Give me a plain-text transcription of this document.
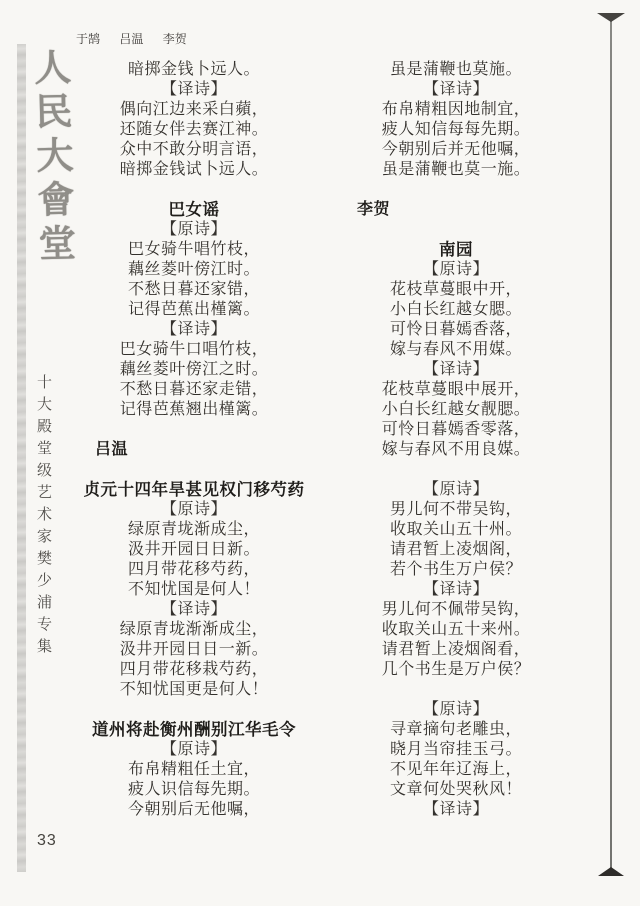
人民大會堂
十大殿堂级艺术家樊少浦专集
于鹄 吕温 李贺
暗掷金钱卜远人。
【译诗】
偶向江边来采白蘋，
还随女伴去赛江神。
众中不敢分明言语，
暗掷金钱试卜远人。
巴女谣
【原诗】
巴女骑牛唱竹枝，
藕丝菱叶傍江时。
不愁日暮还家错，
记得芭蕉出槿篱。
【译诗】
巴女骑牛口唱竹枝，
藕丝菱叶傍江之时。
不愁日暮还家走错，
记得芭蕉翘出槿篱。
吕温
贞元十四年旱甚见权门移芍药
【原诗】
绿原青垅渐成尘，
汲井开园日日新。
四月带花移芍药，
不知忧国是何人！
【译诗】
绿原青垅渐渐成尘，
汲井开园日日一新。
四月带花移栽芍药，
不知忧国更是何人！
道州将赴衡州酬别江华毛令
【原诗】
布帛精粗任土宜，
疲人识信每先期。
今朝别后无他嘱，
虽是蒲鞭也莫施。
【译诗】
布帛精粗因地制宜，
疲人知信每每先期。
今朝别后并无他嘱，
虽是蒲鞭也莫一施。
李贺
南园
【原诗】
花枝草蔓眼中开，
小白长红越女腮。
可怜日暮嫣香落，
嫁与春风不用媒。
【译诗】
花枝草蔓眼中展开，
小白长红越女靓腮。
可怜日暮嫣香零落，
嫁与春风不用良媒。
【原诗】
男儿何不带吴钩，
收取关山五十州。
请君暂上凌烟阁，
若个书生万户侯？
【译诗】
男儿何不佩带吴钩，
收取关山五十来州。
请君暂上凌烟阁看，
几个书生是万户侯？
【原诗】
寻章摘句老雕虫，
晓月当帘挂玉弓。
不见年年辽海上，
文章何处哭秋风！
【译诗】
33
